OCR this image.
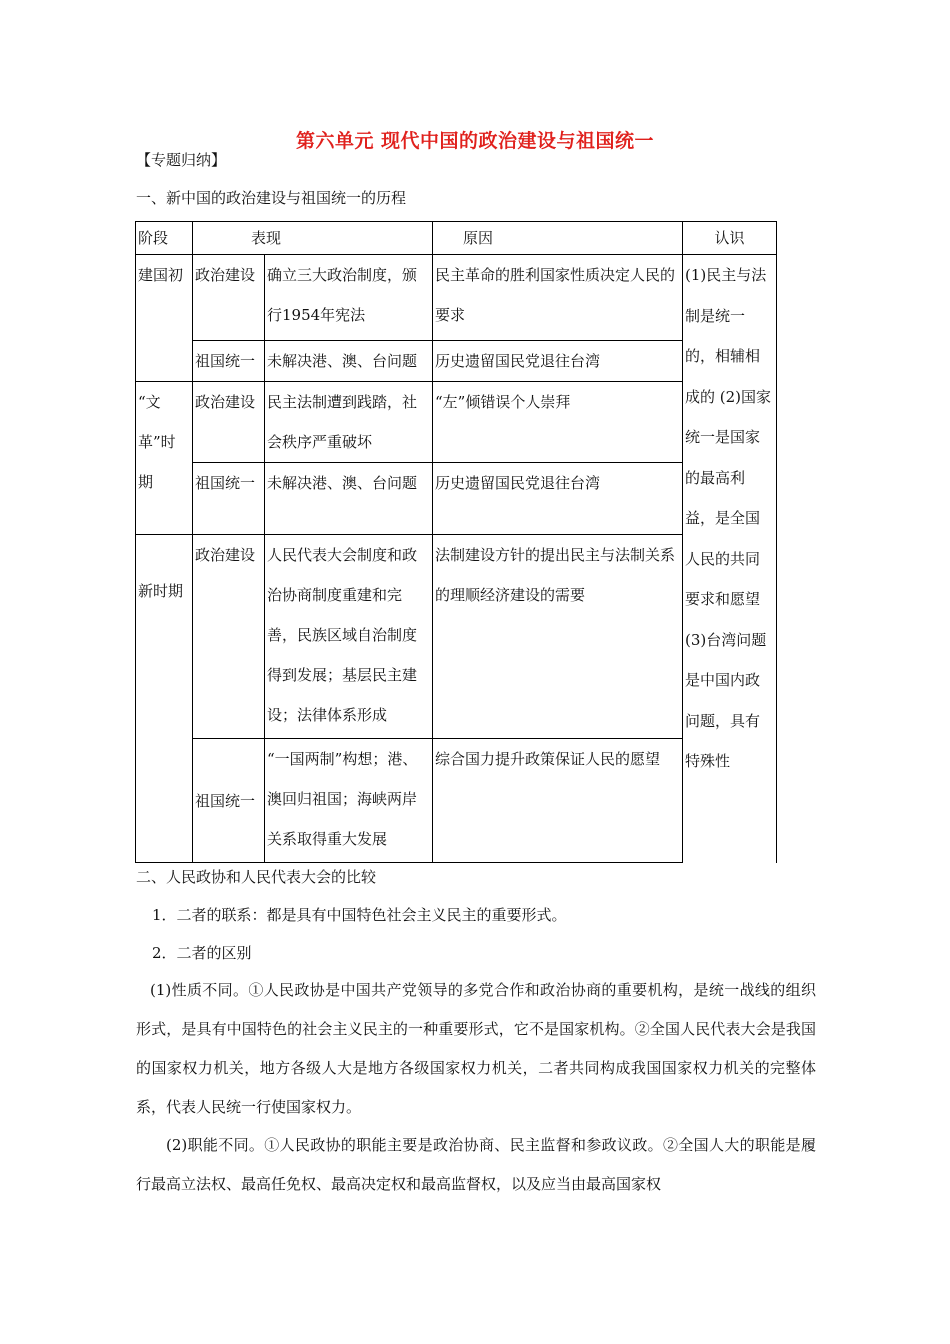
第六单元 现代中国的政治建设与祖国统一
【专题归纳】
一、新中国的政治建设与祖国统一的历程
阶段	表现		原因	认识
建国初	政治建设	确立三大政治制度，颁行1954年宪法	民主革命的胜利国家性质决定人民的要求	(1)民主与法制是统一的，相辅相成的 (2)国家统一是国家的最高利益，是全国人民的共同要求和愿望 (3)台湾问题是中国内政问题，具有特殊性
	祖国统一	未解决港、澳、台问题	历史遗留国民党退往台湾	
“文革”时期	政治建设	民主法制遭到践踏，社会秩序严重破坏	“左”倾错误个人崇拜	
	祖国统一	未解决港、澳、台问题	历史遗留国民党退往台湾	
新时期	政治建设	人民代表大会制度和政治协商制度重建和完善，民族区域自治制度得到发展；基层民主建设；法律体系形成	法制建设方针的提出民主与法制关系的理顺经济建设的需要	
	祖国统一	“一国两制”构想；港、澳回归祖国；海峡两岸关系取得重大发展	综合国力提升政策保证人民的愿望	
二、人民政协和人民代表大会的比较
1．二者的联系：都是具有中国特色社会主义民主的重要形式。
2．二者的区别
(1)性质不同。①人民政协是中国共产党领导的多党合作和政治协商的重要机构，是统一战线的组织形式，是具有中国特色的社会主义民主的一种重要形式，它不是国家机构。②全国人民代表大会是我国的国家权力机关，地方各级人大是地方各级国家权力机关，二者共同构成我国国家权力机关的完整体系，代表人民统一行使国家权力。
(2)职能不同。①人民政协的职能主要是政治协商、民主监督和参政议政。②全国人大的职能是履行最高立法权、最高任免权、最高决定权和最高监督权，以及应当由最高国家权
